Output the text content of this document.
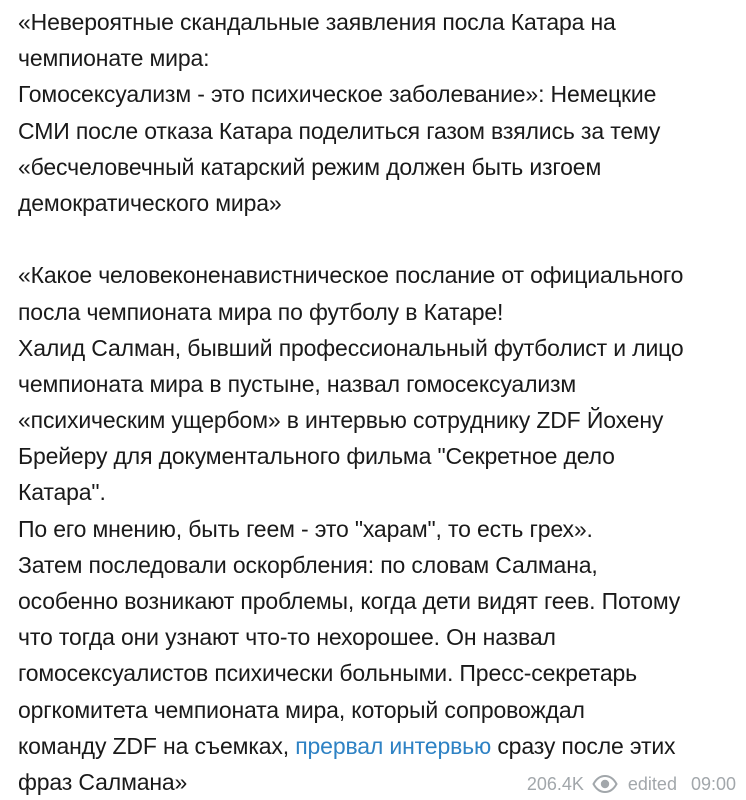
«Невероятные скандальные заявления посла Катара на
чемпионате мира:
Гомосексуализм - это психическое заболевание»: Немецкие
СМИ после отказа Катара поделиться газом взялись за тему
«бесчеловечный катарский режим должен быть изгоем
демократического мира»
«Какое человеконенавистническое послание от официального
посла чемпионата мира по футболу в Катаре!
Халид Салман, бывший профессиональный футболист и лицо
чемпионата мира в пустыне, назвал гомосексуализм
«психическим ущербом» в интервью сотруднику ZDF Йохену
Брейеру для документального фильма "Секретное дело
Катара".
По его мнению, быть геем - это "харам", то есть грех».
Затем последовали оскорбления: по словам Салмана,
особенно возникают проблемы, когда дети видят геев. Потому
что тогда они узнают что-то нехорошее. Он назвал
гомосексуалистов психически больными. Пресс-секретарь
оргкомитета чемпионата мира, который сопровождал
команду ZDF на съемках, прервал интервью сразу после этих
фраз Салмана»	206.4K edited 09:00
